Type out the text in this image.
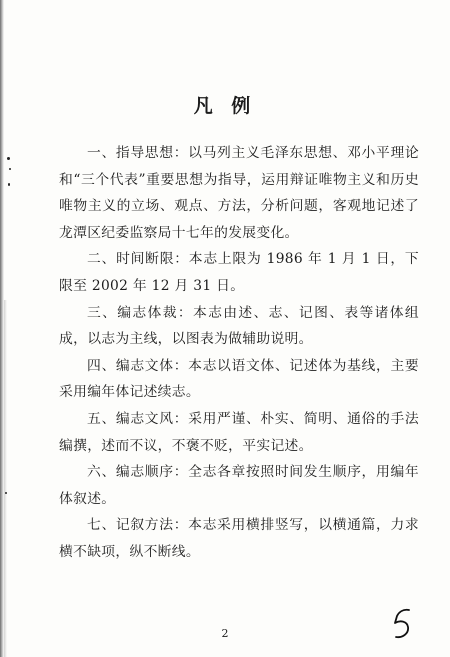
凡 例

一、指导思想：以马列主义毛泽东思想、邓小平理论和“三个代表”重要思想为指导，运用辩证唯物主义和历史唯物主义的立场、观点、方法，分析问题，客观地记述了龙潭区纪委监察局十七年的发展变化。

二、时间断限：本志上限为 1986 年 1 月 1 日，下限至 2002 年 12 月 31 日。

三、编志体裁：本志由述、志、记图、表等诸体组成，以志为主线，以图表为做辅助说明。

四、编志文体：本志以语文体、记述体为基线，主要采用编年体记述续志。

五、编志文风：采用严谨、朴实、简明、通俗的手法编撰，述而不议，不褒不贬，平实记述。

六、编志顺序：全志各章按照时间发生顺序，用编年体叙述。

七、记叙方法：本志采用横排竖写，以横通篇，力求横不缺项，纵不断线。

2
